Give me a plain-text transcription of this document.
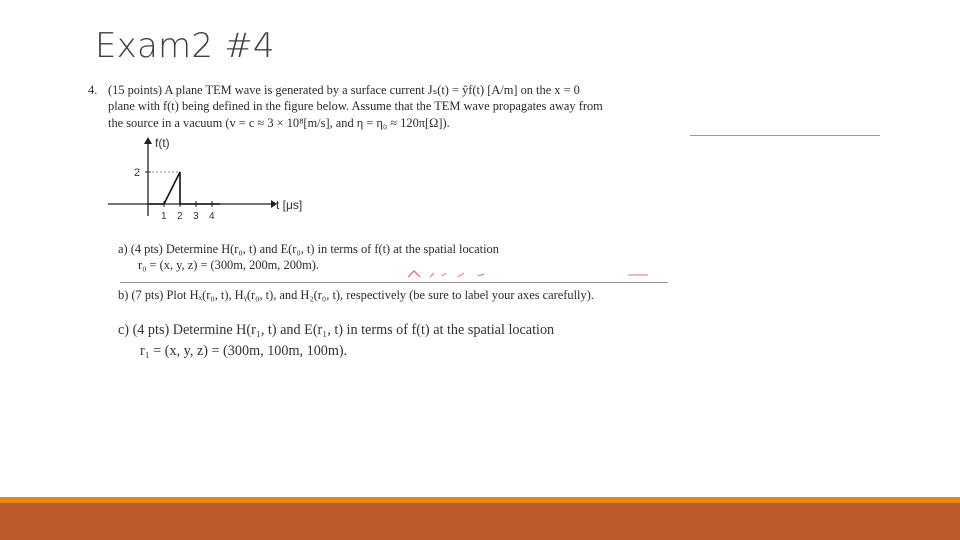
Exam2 #4
4. (15 points) A plane TEM wave is generated by a surface current Jₛ(t) = ŷf(t) [A/m] on the x = 0
plane with f(t) being defined in the figure below. Assume that the TEM wave propagates away from
the source in a vacuum (v = c ≈ 3 × 10⁸[m/s], and η = η₀ ≈ 120π[Ω]).
2
1 2 3 4
f(t)
t [μs]
a) (4 pts) Determine H(r₀, t) and E(r₀, t) in terms of f(t) at the spatial location
r₀ = (x, y, z) = (300m, 200m, 200m).
b) (7 pts) Plot Hₓ(r₀, t), Hᵧ(r₀, t), and H₂(r₀, t), respectively (be sure to label your axes carefully).
c) (4 pts) Determine H(r₁, t) and E(r₁, t) in terms of f(t) at the spatial location
r₁ = (x, y, z) = (300m, 100m, 100m).
